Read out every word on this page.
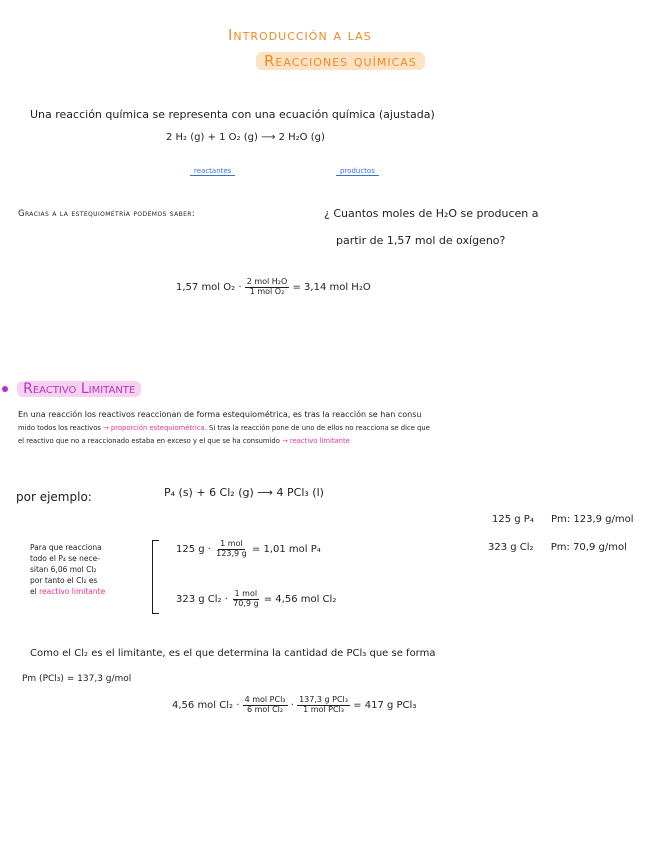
Introducción a las
Reacciones químicas
Una reacción química se representa con una ecuación química (ajustada)
2 H₂ (g) + 1 O₂ (g) ⟶ 2 H₂O (g)
reactantes	productos
Gracias a la estequiometría podemos saber:	¿ Cuantos moles de H₂O se producen a
partir de 1,57 mol de oxígeno?
1,57 mol $O_2 \cdot \frac{\text{2 mol H₂O}}{\text{1 mol O₂}} = 3,14$ mol H₂O
Reactivo Limitante
En una reacción los reactivos reaccionan de forma estequiométrica, es tras la reacción se han consu
mido todos los reactivos → proporción estequiométrica. Si tras la reacción pone de uno de ellos no reacciona se dice que
el reactivo que no a reaccionado estaba en exceso y el que se ha consumido → reactivo limitante
por ejemplo:	P₄ (s) + 6 Cl₂ (g) ⟶ 4 PCl₃ (l)
125 g P₄ Pm: 123,9 g/mol
323 g Cl₂ Pm: 70,9 g/mol
Para que reacciona
todo el P₄ se nece-
sitan 6,06 mol Cl₂
por tanto el Cl₂ es
el reactivo limitante
125 $g \cdot \frac{\text{1 mol}}{123,9 g} = 1,01$ mol P₄
323 g $Cl_2 \cdot \frac{\text{1 mol}}{70,9 g} = 4,56$ mol Cl₂
Como el Cl₂ es el limitante, es el que determina la cantidad de PCl₃ que se forma
Pm (PCl₃) = 137,3 g/mol
4,56 mol $Cl_2 \cdot \frac{\text{4 mol PCl₃}}{\text{6 mol Cl₂}} \cdot \frac{\text{137,3 g PCl₃}}{\text{1 mol PCl₃}} = 417$ g PCl₃
